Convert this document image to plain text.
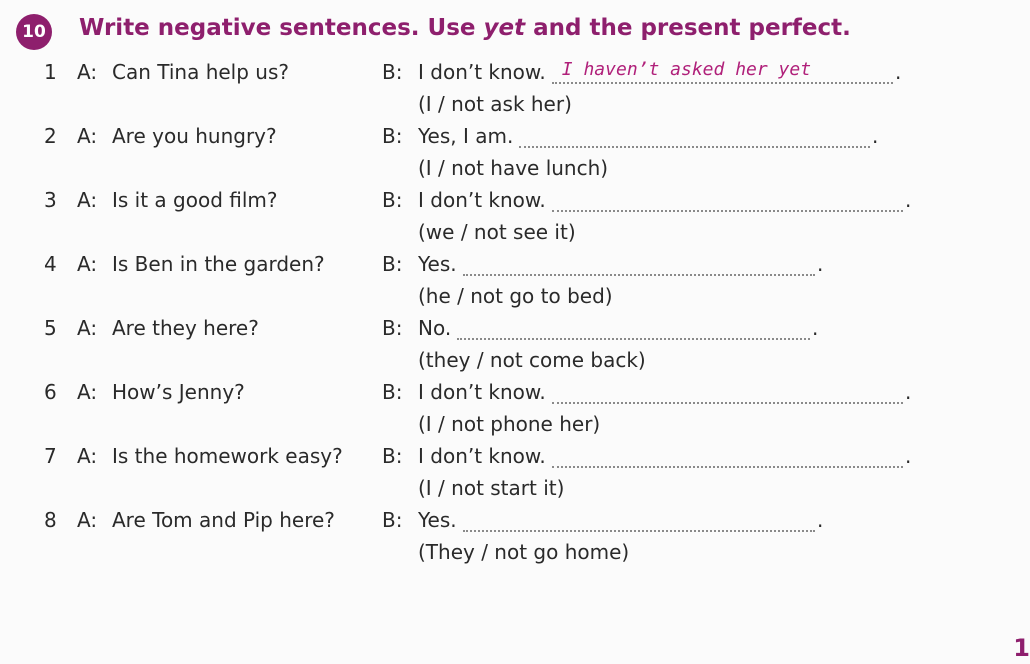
10 Write negative sentences. Use yet and the present perfect.
1	A: Can Tina help us?	B: I don’t know. I haven’t asked her yet	.
(I / not ask her)
2	A: Are you hungry?	B: Yes, I am.	.
(I / not have lunch)
3	A: Is it a good film?	B: I don’t know.	.
(we / not see it)
4	A: Is Ben in the garden?	B: Yes.	.
(he / not go to bed)
5	A: Are they here?	B: No.	.
(they / not come back)
6	A: How’s Jenny?	B: I don’t know.	.
(I / not phone her)
7	A: Is the homework easy? B: I don’t know.	.
(I / not start it)
8	A: Are Tom and Pip here? B: Yes.	.
(They / not go home)
1
